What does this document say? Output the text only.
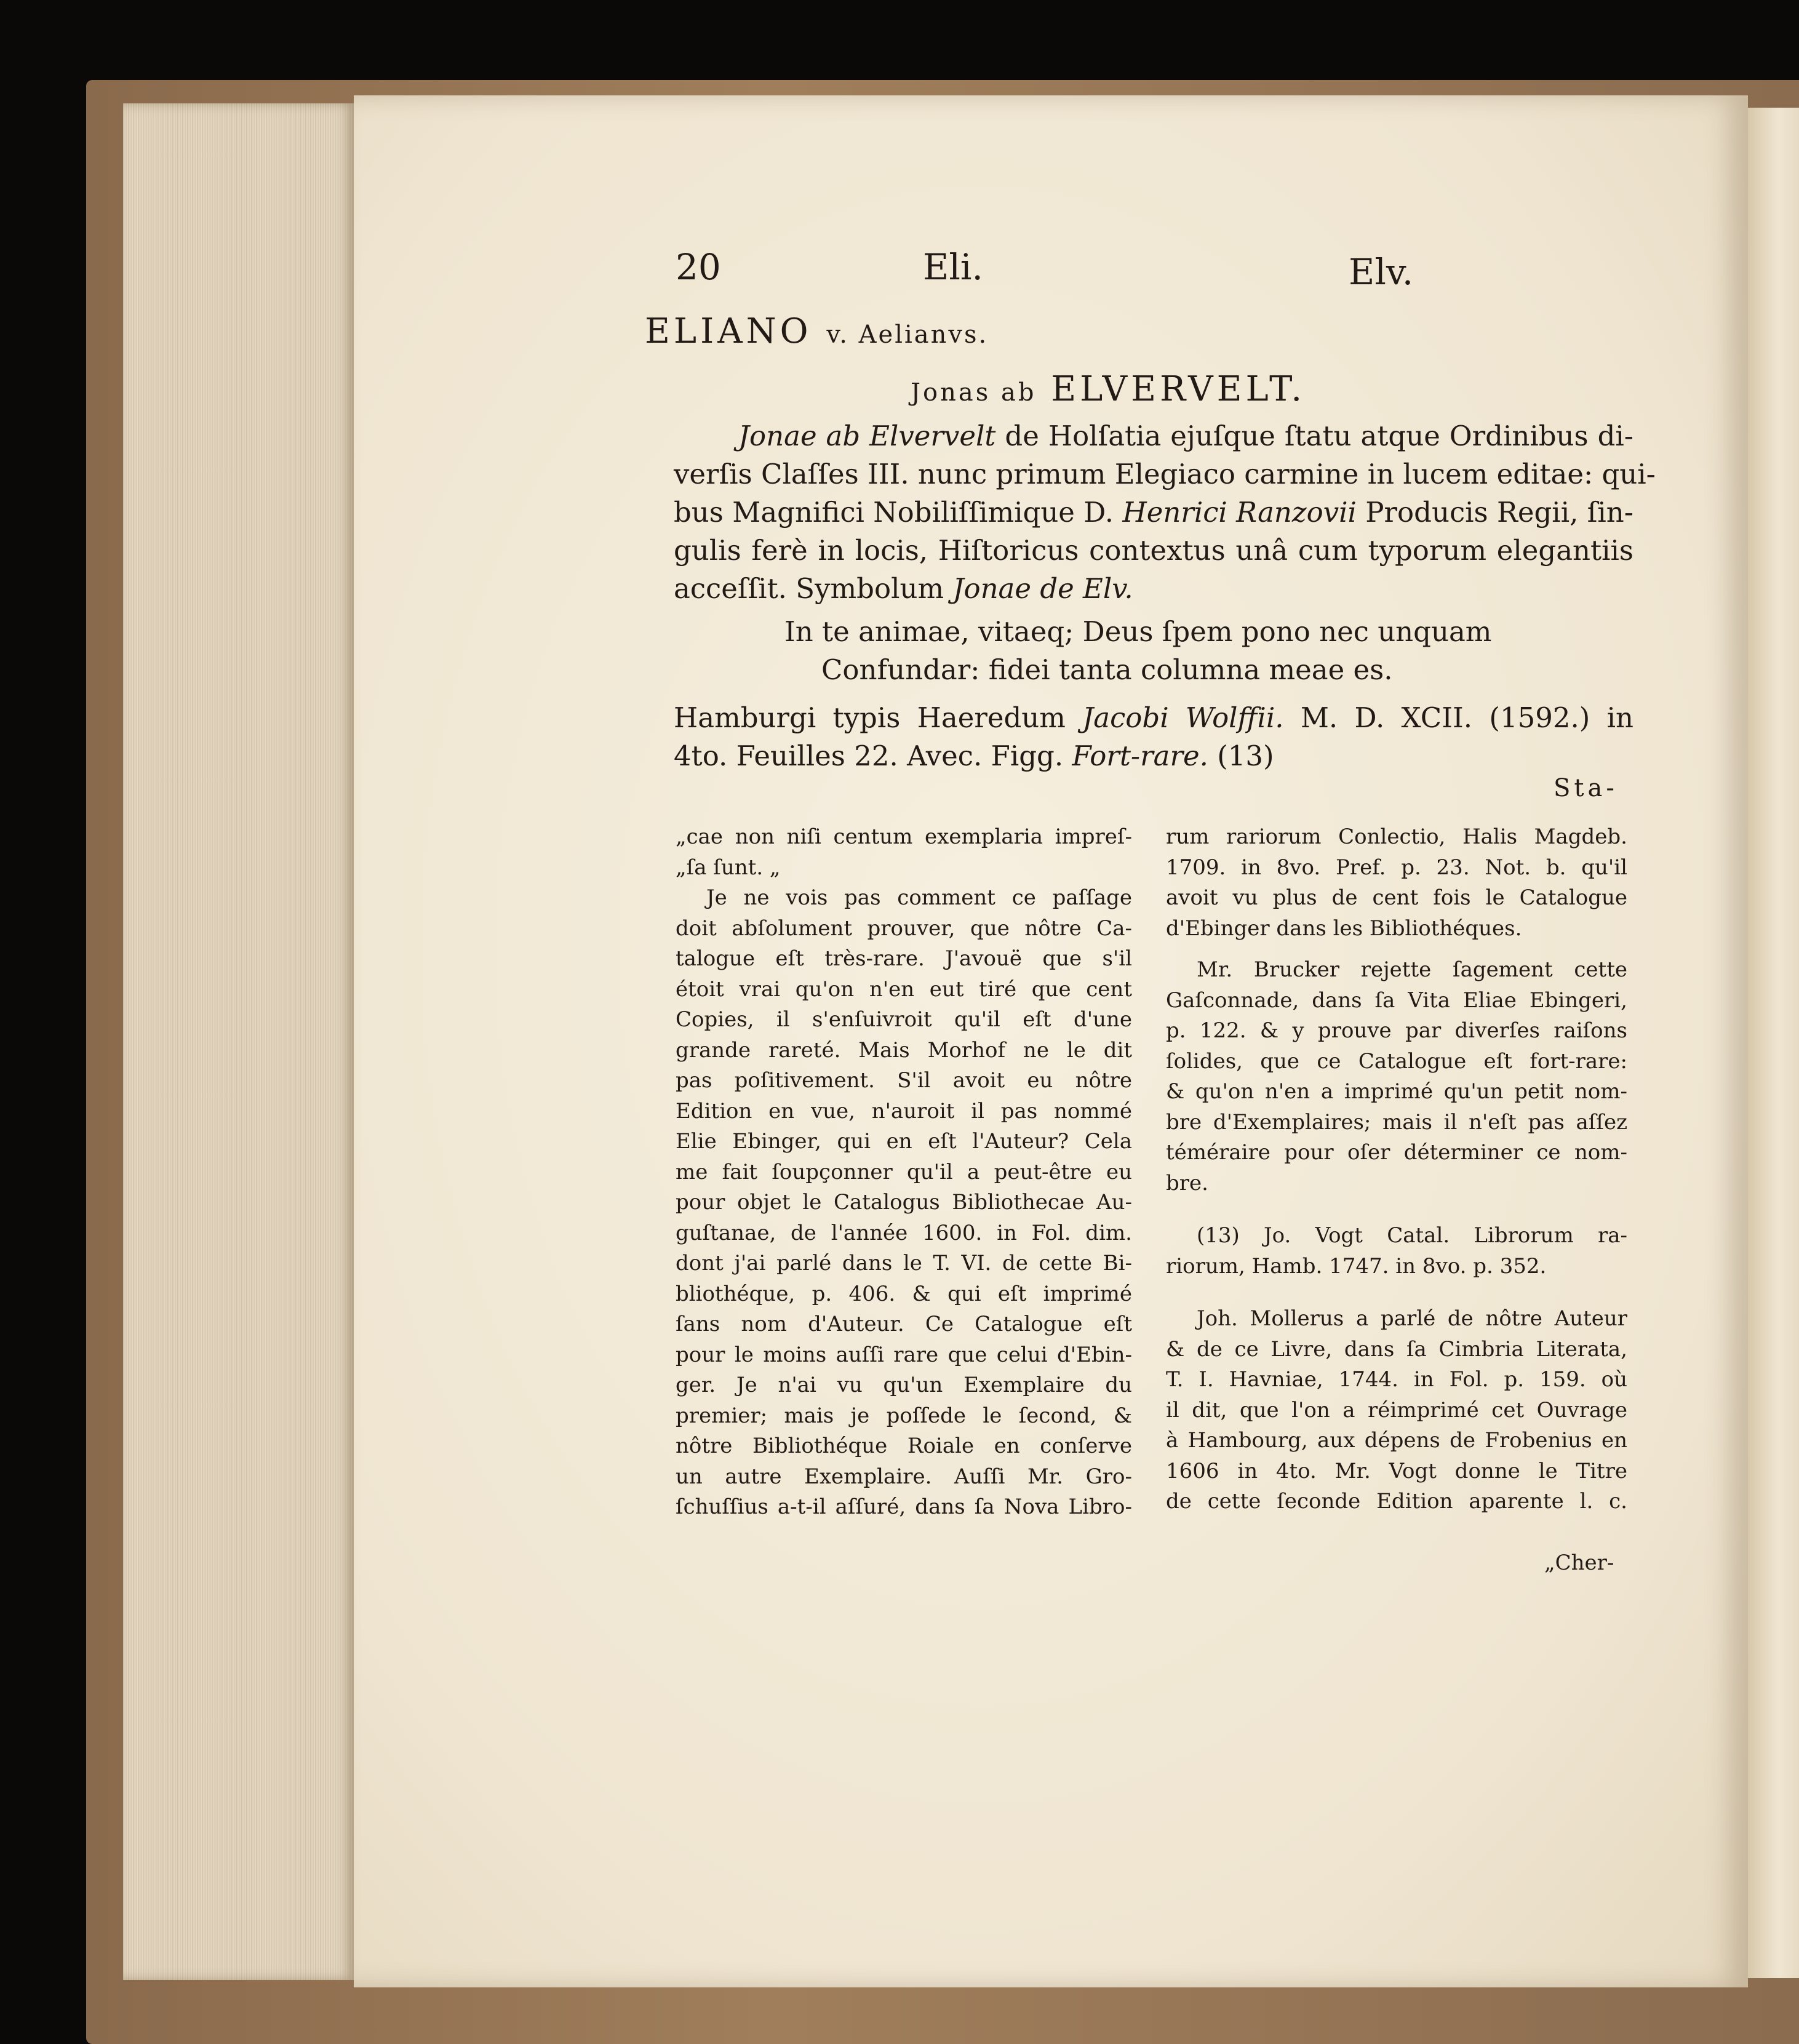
20	Eli.	Elv.
ELIANO v. Aelianvs.
Jonas ab ELVERVELT.
Jonae ab Elvervelt de Holſatia ejuſque ſtatu atque Ordinibus di-
verſis Claſſes III. nunc primum Elegiaco carmine in lucem editae: qui-
bus Magnifici Nobiliſſimique D. Henrici Ranzovii Producis Regii, ſin-
gulis ferè in locis, Hiſtoricus contextus unâ cum typorum elegantiis
acceſſit. Symbolum Jonae de Elv.
In te animae, vitaeq; Deus ſpem pono nec unquam
Confundar: fidei tanta columna meae es.
Hamburgi typis Haeredum Jacobi Wolffii. M. D. XCII. (1592.) in
4to. Feuilles 22. Avec. Figg. Fort-rare. (13)
Sta-
„cae non niſi centum exemplaria impreſ-
„ſa ſunt. „
Je ne vois pas comment ce paſſage
doit abſolument prouver, que nôtre Ca-
talogue eſt très-rare. J'avouë que s'il
étoit vrai qu'on n'en eut tiré que cent
Copies, il s'enſuivroit qu'il eſt d'une
grande rareté. Mais Morhof ne le dit
pas poſitivement. S'il avoit eu nôtre
Edition en vue, n'auroit il pas nommé
Elie Ebinger, qui en eſt l'Auteur? Cela
me fait ſoupçonner qu'il a peut-être eu
pour objet le Catalogus Bibliothecae Au-
guſtanae, de l'année 1600. in Fol. dim.
dont j'ai parlé dans le T. VI. de cette Bi-
bliothéque, p. 406. & qui eſt imprimé
ſans nom d'Auteur. Ce Catalogue eſt
pour le moins auſſi rare que celui d'Ebin-
ger. Je n'ai vu qu'un Exemplaire du
premier; mais je poſſede le ſecond, &
nôtre Bibliothéque Roiale en conſerve
un autre Exemplaire. Auſſi Mr. Gro-
ſchuſſius a-t-il aſſuré, dans ſa Nova Libro-
rum rariorum Conlectio, Halis Magdeb.
1709. in 8vo. Pref. p. 23. Not. b. qu'il
avoit vu plus de cent fois le Catalogue
d'Ebinger dans les Bibliothéques.
Mr. Brucker rejette ſagement cette
Gaſconnade, dans ſa Vita Eliae Ebingeri,
p. 122. & y prouve par diverſes raiſons
ſolides, que ce Catalogue eſt fort-rare:
& qu'on n'en a imprimé qu'un petit nom-
bre d'Exemplaires; mais il n'eſt pas aſſez
téméraire pour oſer déterminer ce nom-
bre.
(13) Jo. Vogt Catal. Librorum ra-
riorum, Hamb. 1747. in 8vo. p. 352.
Joh. Mollerus a parlé de nôtre Auteur
& de ce Livre, dans ſa Cimbria Literata,
T. I. Havniae, 1744. in Fol. p. 159. où
il dit, que l'on a réimprimé cet Ouvrage
à Hambourg, aux dépens de Frobenius en
1606 in 4to. Mr. Vogt donne le Titre
de cette ſeconde Edition aparente l. c.
„Cher-
